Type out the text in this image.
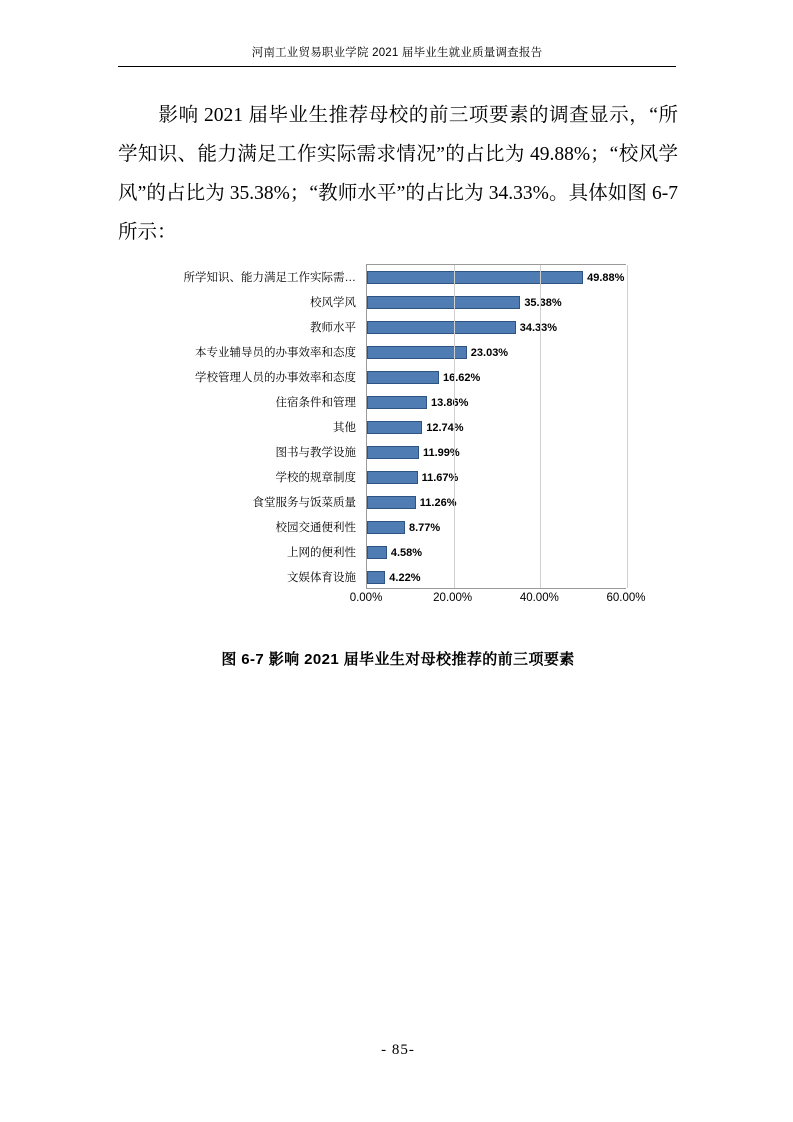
河南工业贸易职业学院 2021 届毕业生就业质量调查报告
影响 2021 届毕业生推荐母校的前三项要素的调查显示，“所学知识、能力满足工作实际需求情况”的占比为 49.88%；“校风学风”的占比为 35.38%；“教师水平”的占比为 34.33%。具体如图 6-7 所示：
所学知识、能力满足工作实际需…
校风学风
教师水平
本专业辅导员的办事效率和态度
学校管理人员的办事效率和态度
住宿条件和管理
其他
图书与教学设施
学校的规章制度
食堂服务与饭菜质量
校园交通便利性
上网的便利性
文娱体育设施
49.88%
35.38%
34.33%
23.03%
16.62%
13.86%
12.74%
11.99%
11.67%
11.26%
8.77%
4.58%
4.22%
0.00%	20.00%	40.00%	60.00%
图 6-7 影响 2021 届毕业生对母校推荐的前三项要素
- 85-
